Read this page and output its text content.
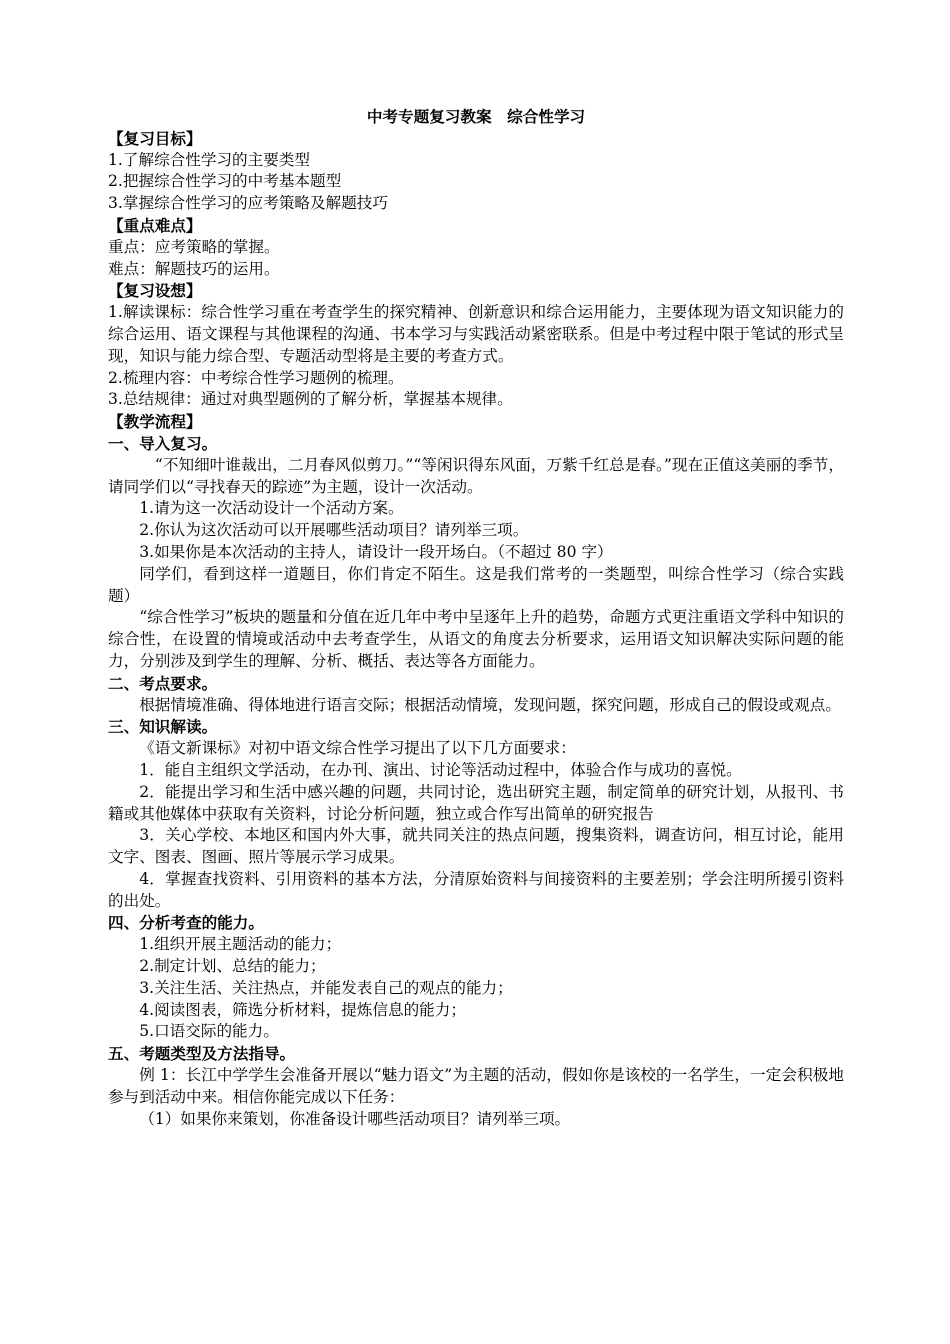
中考专题复习教案　综合性学习

【复习目标】

1.了解综合性学习的主要类型

2.把握综合性学习的中考基本题型

3.掌握综合性学习的应考策略及解题技巧

【重点难点】

重点：应考策略的掌握。

难点：解题技巧的运用。

【复习设想】

1.解读课标：综合性学习重在考查学生的探究精神、创新意识和综合运用能力，主要体现为语文知识能力的综合运用、语文课程与其他课程的沟通、书本学习与实践活动紧密联系。但是中考过程中限于笔试的形式呈现，知识与能力综合型、专题活动型将是主要的考查方式。

2.梳理内容：中考综合性学习题例的梳理。

3.总结规律：通过对典型题例的了解分析，掌握基本规律。

【教学流程】

一、导入复习。

“不知细叶谁裁出，二月春风似剪刀。”“等闲识得东风面，万紫千红总是春。”现在正值这美丽的季节，请同学们以“寻找春天的踪迹”为主题，设计一次活动。

1.请为这一次活动设计一个活动方案。

2.你认为这次活动可以开展哪些活动项目？请列举三项。

3.如果你是本次活动的主持人，请设计一段开场白。（不超过 80 字）

同学们，看到这样一道题目，你们肯定不陌生。这是我们常考的一类题型，叫综合性学习（综合实践题）

“综合性学习”板块的题量和分值在近几年中考中呈逐年上升的趋势，命题方式更注重语文学科中知识的综合性，在设置的情境或活动中去考查学生，从语文的角度去分析要求，运用语文知识解决实际问题的能力，分别涉及到学生的理解、分析、概括、表达等各方面能力。

二、考点要求。

根据情境准确、得体地进行语言交际；根据活动情境，发现问题，探究问题，形成自己的假设或观点。

三、知识解读。

《语文新课标》对初中语文综合性学习提出了以下几方面要求：

1．能自主组织文学活动，在办刊、演出、讨论等活动过程中，体验合作与成功的喜悦。

2．能提出学习和生活中感兴趣的问题，共同讨论，选出研究主题，制定简单的研究计划，从报刊、书籍或其他媒体中获取有关资料，讨论分析问题，独立或合作写出简单的研究报告

3．关心学校、本地区和国内外大事，就共同关注的热点问题，搜集资料，调查访问，相互讨论，能用文字、图表、图画、照片等展示学习成果。

4．掌握查找资料、引用资料的基本方法，分清原始资料与间接资料的主要差别；学会注明所援引资料的出处。

四、分析考查的能力。

1.组织开展主题活动的能力；

2.制定计划、总结的能力；

3.关注生活、关注热点，并能发表自己的观点的能力；

4.阅读图表，筛选分析材料，提炼信息的能力；

5.口语交际的能力。

五、考题类型及方法指导。

例 1：长江中学学生会准备开展以“魅力语文”为主题的活动，假如你是该校的一名学生，一定会积极地参与到活动中来。相信你能完成以下任务：

（1）如果你来策划，你准备设计哪些活动项目？请列举三项。
